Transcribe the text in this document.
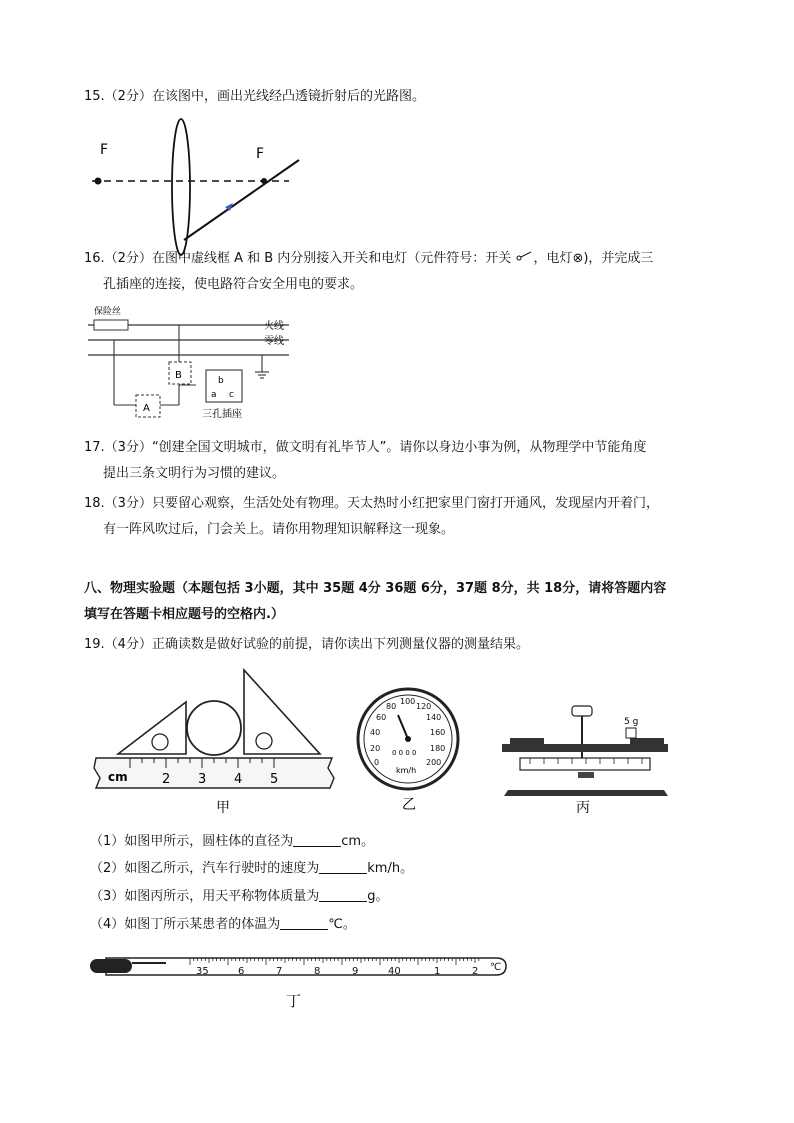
15.（2分）在该图中，画出光线经凸透镜折射后的光路图。
F	F
16.（2分）在图中虚线框 A 和 B 内分别接入开关和电灯（元件符号：开关 ，电灯⊗)，并完成三
孔插座的连接，使电路符合安全用电的要求。
保险丝
火线
零线
A
B	b
a c
三孔插座
17.（3分）“创建全国文明城市，做文明有礼毕节人”。请你以身边小事为例，从物理学中节能角度
提出三条文明行为习惯的建议。
18.（3分）只要留心观察，生活处处有物理。天太热时小红把家里门窗打开通风，发现屋内开着门，
有一阵风吹过后，门会关上。请你用物理知识解释这一现象。
八、物理实验题（本题包括 3小题，其中 35题 4分 36题 6分，37题 8分，共 18分，请将答题内容
填写在答题卡相应题号的空格内.）
19.（4分）正确读数是做好试验的前提，请你读出下列测量仪器的测量结果。
cm	2 3 4 5
甲
0
20
40
60
80
100
120
140
160
180
200
0 0 0 0
km/h
乙
5 g
丙
（1）如图甲所示，圆柱体的直径为	cm。
（2）如图乙所示，汽车行驶时的速度为	km/h。
（3）如图丙所示，用天平称物体质量为	g。
（4）如图丁所示某患者的体温为	℃。
35	6	7	8	9	40	1	2 ℃
丁
